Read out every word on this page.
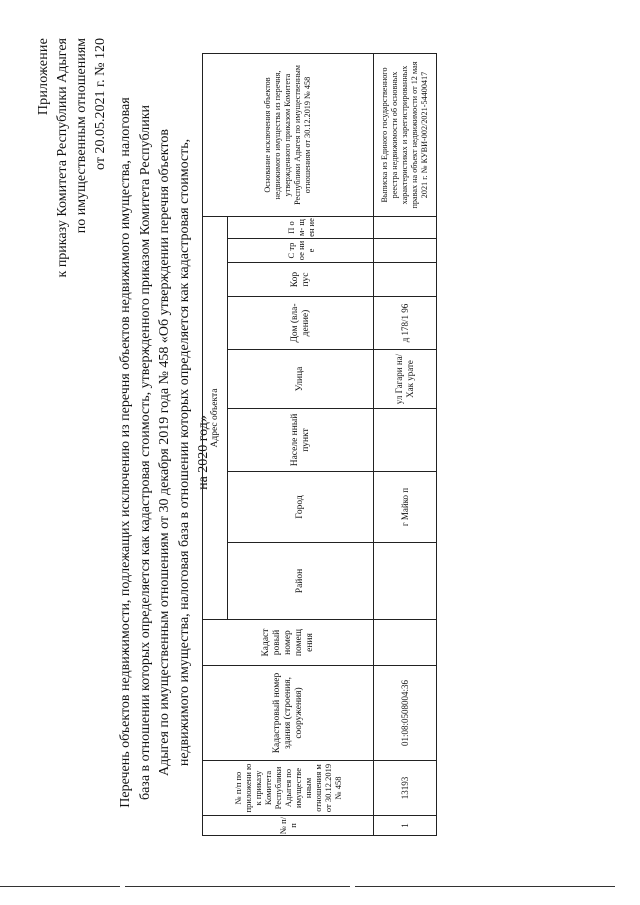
Приложение к приказу Комитета Республики Адыгея по имущественным отношениям от 20.05.2021 г. № 120 Перечень объектов недвижимости, подлежащих исключению из перечня объектов недвижимого имущества, налоговая база в отношении которых определяется как кадастровая стоимость, утвержденного приказом Комитета Республики Адыгея по имущественным отношениям от 30 декабря 2019 года № 458 «Об утверждении перечня объектов недвижимого имущества, налоговая база в отношении которых определяется как кадастровая стоимость, на 2020 год»
№ п/п	№ п/п по приложени ю к приказу Комитета Республики Адыгея по имуществе нным отношения м от 30.12.2019 № 458	Кадастровый номер здания (строения, сооружения)	Кадаст ровый номер помещ ения	Адрес объекта								Основание исключения объектов недвижимого имущества из перечня, утвержденного приказом Комитета Республики Адыгея по имущественным отношениям от 30.12.2019 № 458
				Район	Город	Населе нный пункт	Улица	Дом (вла- дение)	Кор пус	С тр ое ни е	П о м- щ ен ие	
1	13193	01:08:0508004:36			г Майко п		ул Гагари на/Хак урате	д 178/1 96				Выписка из Единого государственного реестра недвижимости об основных характеристиках и зарегистрированных правах на объект недвижимости от 12 мая 2021 г. № КУВИ-002/2021-54400417
